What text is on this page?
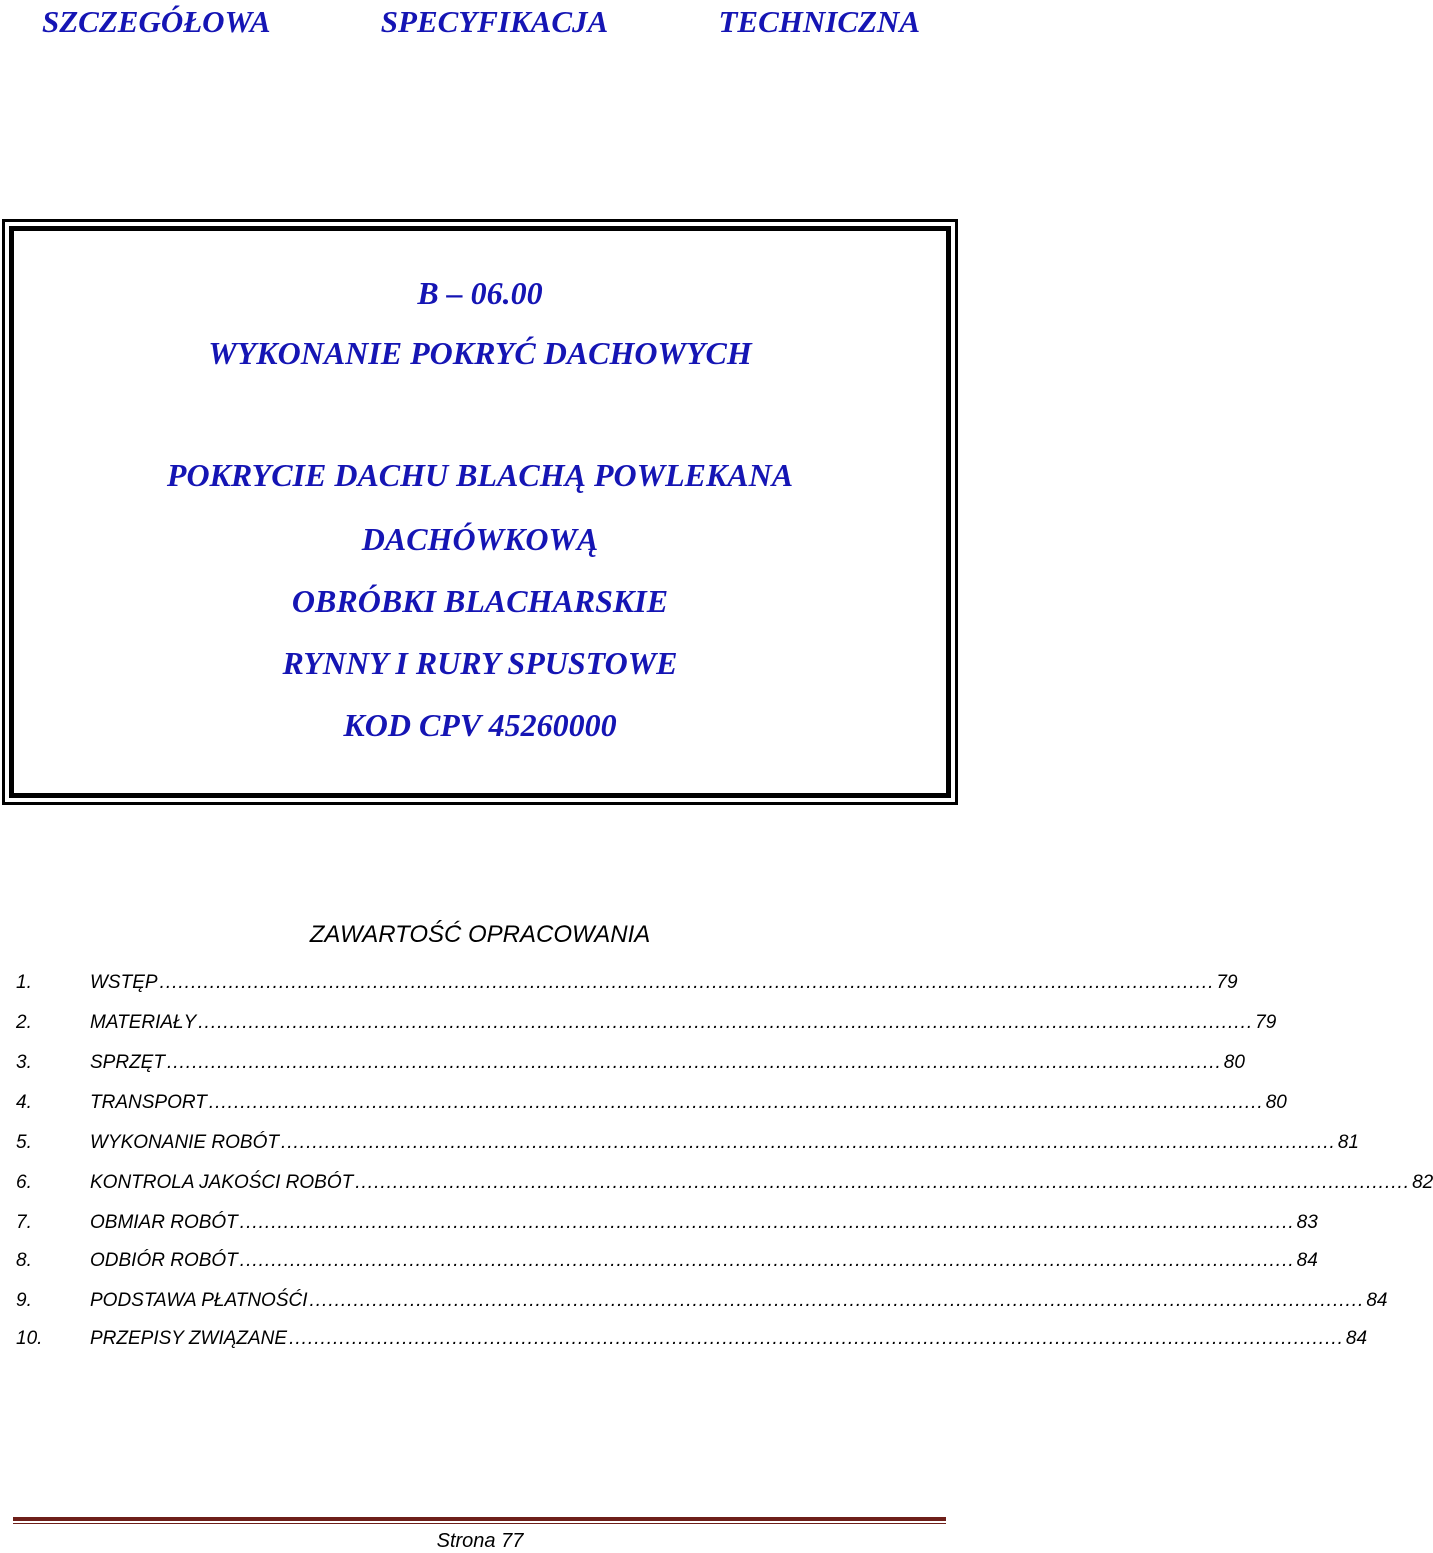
SZCZEGÓŁOWA	SPECYFIKACJA	TECHNICZNA
B – 06.00
WYKONANIE POKRYĆ DACHOWYCH
POKRYCIE DACHU BLACHĄ POWLEKANA
DACHÓWKOWĄ
OBRÓBKI BLACHARSKIE
RYNNY I RURY SPUSTOWE
KOD CPV 45260000
ZAWARTOŚĆ OPRACOWANIA
1.	WSTĘP ........................................................................................................................................................................ 79
2.	MATERIAŁY ........................................................................................................................................................................ 79
3.	SPRZĘT ........................................................................................................................................................................ 80
4.	TRANSPORT ........................................................................................................................................................................ 80
5.	WYKONANIE ROBÓT ........................................................................................................................................................................ 81
6.	KONTROLA JAKOŚCI ROBÓT ........................................................................................................................................................................ 82
7.	OBMIAR ROBÓT ........................................................................................................................................................................ 83
8.	ODBIÓR ROBÓT ........................................................................................................................................................................ 84
9.	PODSTAWA PŁATNOŚĆI ........................................................................................................................................................................ 84
10.	PRZEPISY ZWIĄZANE ........................................................................................................................................................................ 84
Strona 77
